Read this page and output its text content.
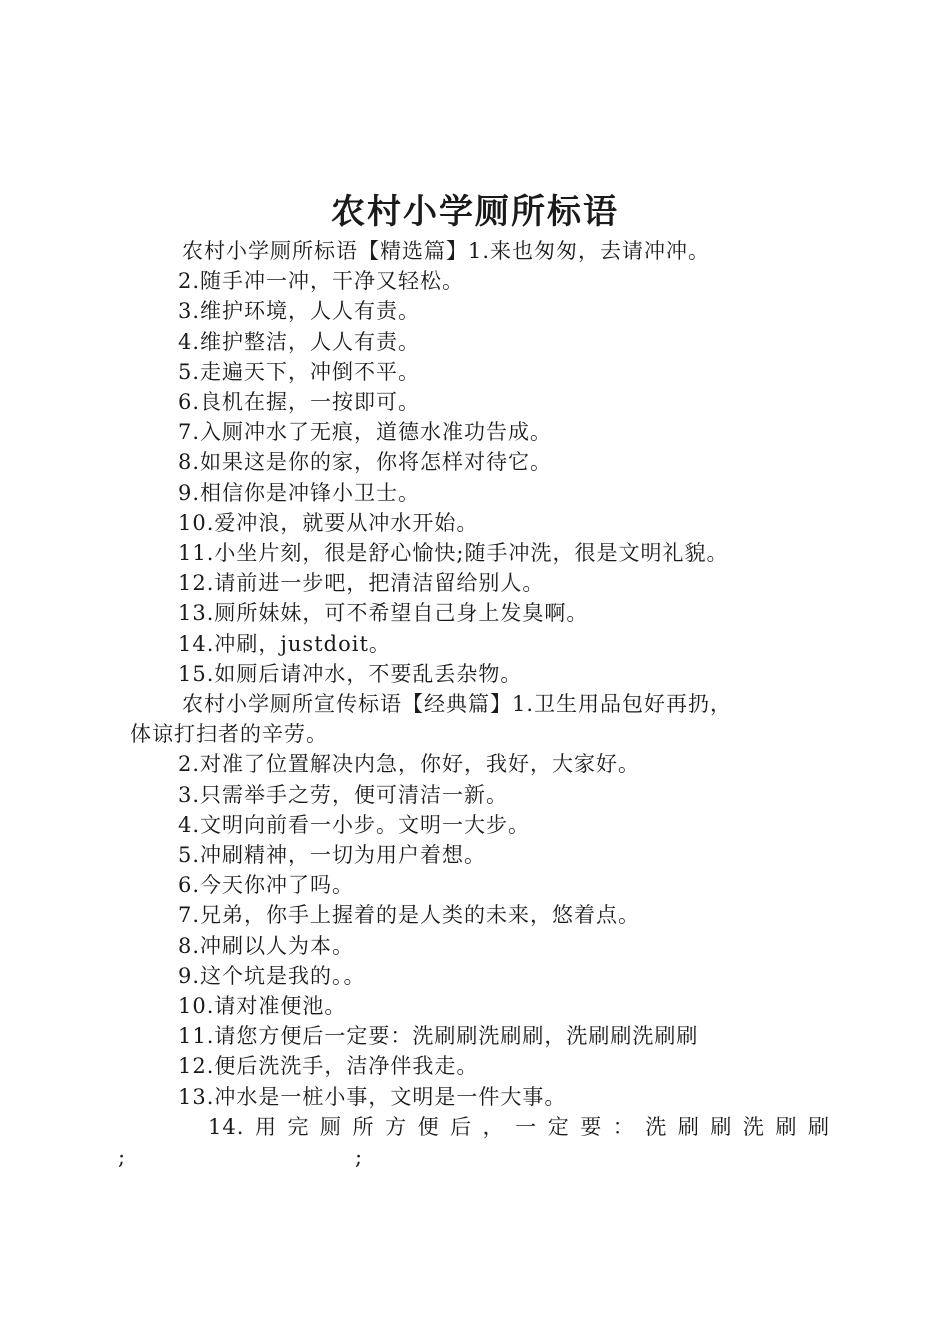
农村小学厕所标语
农村小学厕所标语【精选篇】1.来也匆匆，去请冲冲。
2.随手冲一冲，干净又轻松。
3.维护环境，人人有责。
4.维护整洁，人人有责。
5.走遍天下，冲倒不平。
6.良机在握，一按即可。
7.入厕冲水了无痕，道德水准功告成。
8.如果这是你的家，你将怎样对待它。
9.相信你是冲锋小卫士。
10.爱冲浪，就要从冲水开始。
11.小坐片刻，很是舒心愉快;随手冲洗，很是文明礼貌。
12.请前进一步吧，把清洁留给别人。
13.厕所妹妹，可不希望自己身上发臭啊。
14.冲刷，justdoit。
15.如厕后请冲水，不要乱丢杂物。
农村小学厕所宣传标语【经典篇】1.卫生用品包好再扔，
体谅打扫者的辛劳。
2.对准了位置解决内急，你好，我好，大家好。
3.只需举手之劳，便可清洁一新。
4.文明向前看一小步。文明一大步。
5.冲刷精神，一切为用户着想。
6.今天你冲了吗。
7.兄弟，你手上握着的是人类的未来，悠着点。
8.冲刷以人为本。
9.这个坑是我的。。
10.请对准便池。
11.请您方便后一定要：洗刷刷洗刷刷，洗刷刷洗刷刷
12.便后洗洗手，洁净伴我走。
13.冲水是一桩小事，文明是一件大事。
14. 用 完 厕 所 方 便 后 ， 一 定 要 ： 洗 刷 刷 洗 刷 刷
;	;
